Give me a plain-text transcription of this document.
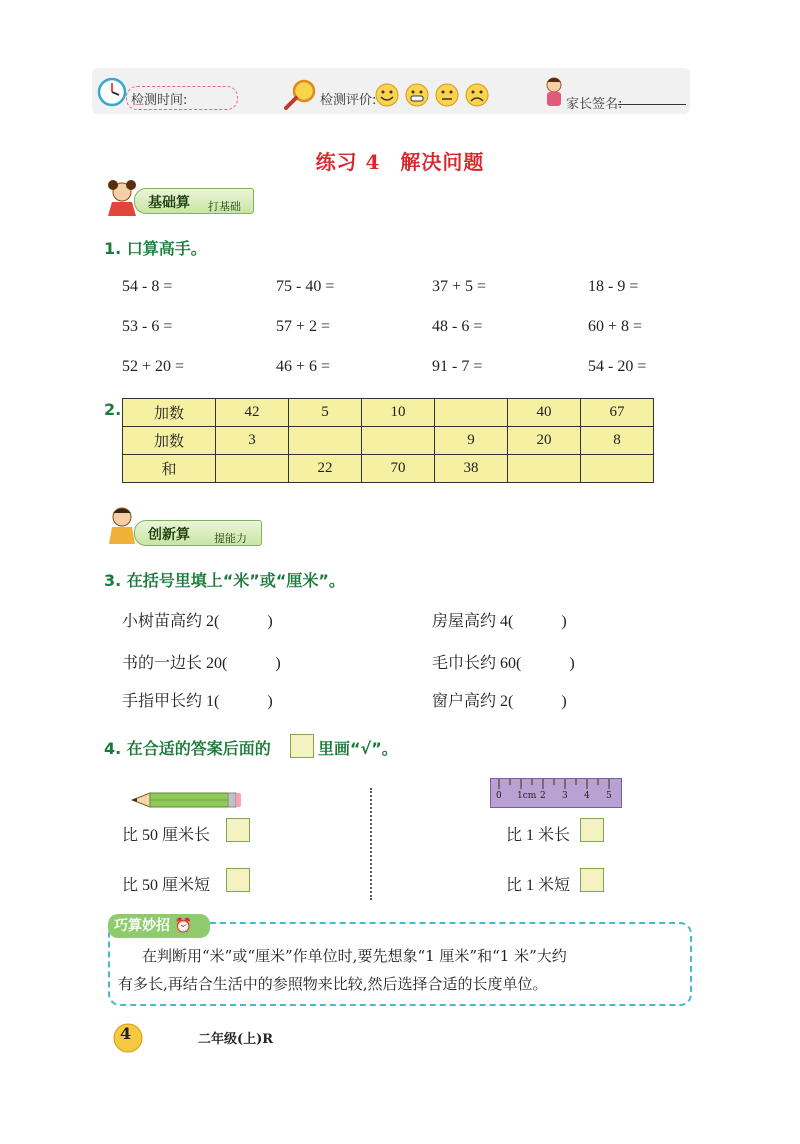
检测时间:	检测评价:	家长签名:
练习 4 解决问题
基础算 打基础
1. 口算高手。
54 - 8 =	75 - 40 =	37 + 5 =	18 - 9 =
53 - 6 =	57 + 2 =	48 - 6 =	60 + 8 =
52 + 20 =	46 + 6 =	91 - 7 =	54 - 20 =
2. 加数	42	5	10		40	67
加数	3			9	20	8
和		22	70	38		
创新算 提能力
3. 在括号里填上“米”或“厘米”。
小树苗高约 2(            )	房屋高约 4(            )
书的一边长 20(            )	毛巾长约 60(            )
手指甲长约 1(            )	窗户高约 2(            )
4. 在合适的答案后面的	里画“√”。
比 50 厘米长
比 50 厘米短
0 1cm 2 3 4 5
比 1 米长
比 1 米短
巧算妙招 ⏰
在判断用“米”或“厘米”作单位时,要先想象“1 厘米”和“1 米”大约
有多长,再结合生活中的参照物来比较,然后选择合适的长度单位。
4	二年级(上)R
